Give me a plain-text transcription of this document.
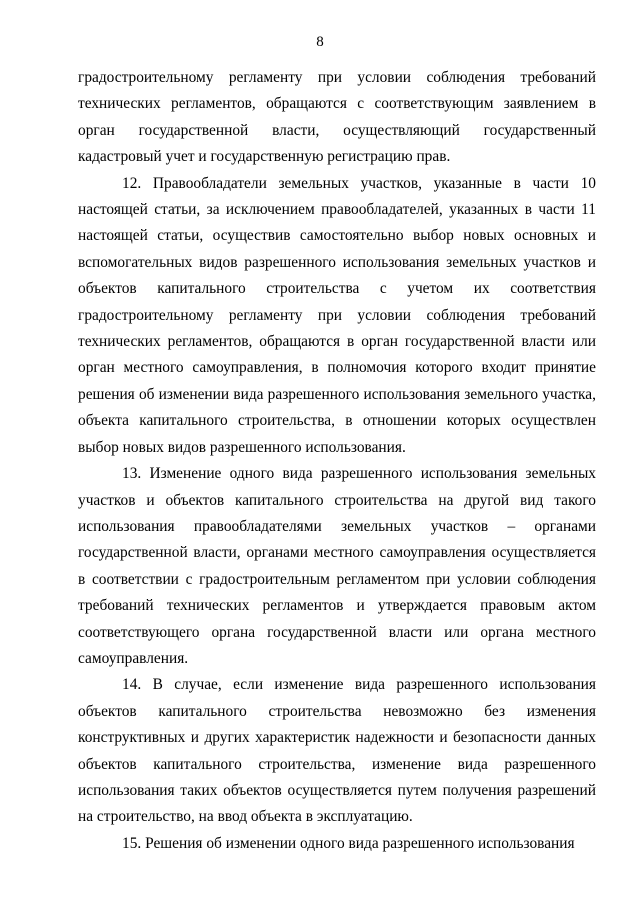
8

градостроительному регламенту при условии соблюдения требований технических регламентов, обращаются с соответствующим заявлением в орган государственной власти, осуществляющий государственный кадастровый учет и государственную регистрацию прав.

12. Правообладатели земельных участков, указанные в части 10 настоящей статьи, за исключением правообладателей, указанных в части 11 настоящей статьи, осуществив самостоятельно выбор новых основных и вспомогательных видов разрешенного использования земельных участков и объектов капитального строительства с учетом их соответствия градостроительному регламенту при условии соблюдения требований технических регламентов, обращаются в орган государственной власти или орган местного самоуправления, в полномочия которого входит принятие решения об изменении вида разрешенного использования земельного участка, объекта капитального строительства, в отношении которых осуществлен выбор новых видов разрешенного использования.

13. Изменение одного вида разрешенного использования земельных участков и объектов капитального строительства на другой вид такого использования правообладателями земельных участков – органами государственной власти, органами местного самоуправления осуществляется в соответствии с градостроительным регламентом при условии соблюдения требований технических регламентов и утверждается правовым актом соответствующего органа государственной власти или органа местного самоуправления.

14. В случае, если изменение вида разрешенного использования объектов капитального строительства невозможно без изменения конструктивных и других характеристик надежности и безопасности данных объектов капитального строительства, изменение вида разрешенного использования таких объектов осуществляется путем получения разрешений на строительство, на ввод объекта в эксплуатацию.

15. Решения об изменении одного вида разрешенного использования
